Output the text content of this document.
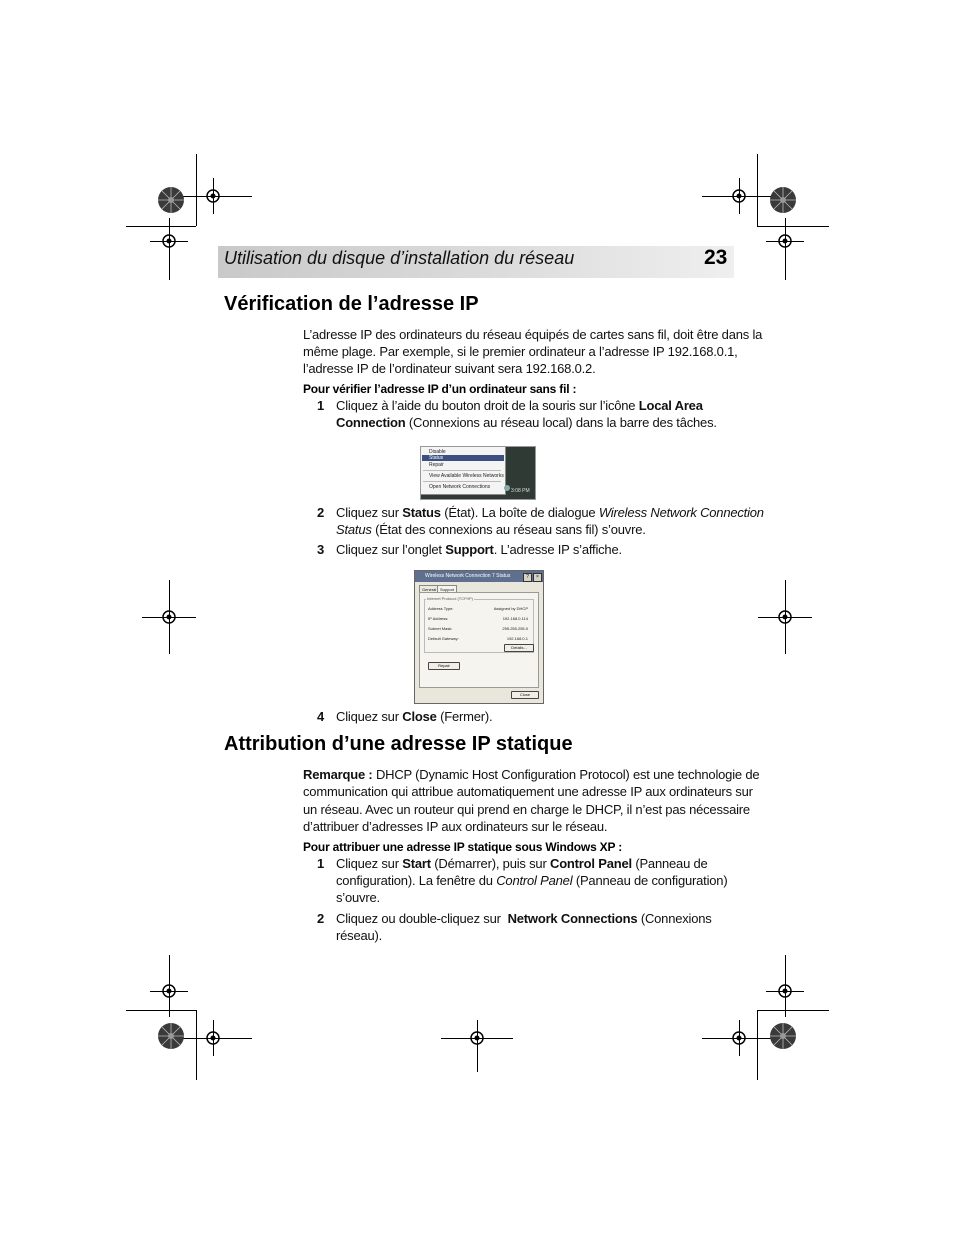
Utilisation du disque d’installation du réseau	23
Vérification de l’adresse IP

L’adresse IP des ordinateurs du réseau équipés de cartes sans fil, doit être dans la

même plage. Par exemple, si le premier ordinateur a l’adresse IP 192.168.0.1,

l’adresse IP de l’ordinateur suivant sera 192.168.0.2.

Pour vérifier l’adresse IP d’un ordinateur sans fil :
1 Cliquez à l’aide du bouton droit de la souris sur l’icône Local Area
Connection (Connexions au réseau local) dans la barre des tâches.
Disable
Status
Repair
View Available Wireless Networks
Open Network Connections
3:08 PM
2 Cliquez sur Status (État). La boîte de dialogue Wireless Network Connection
Status (État des connexions au réseau sans fil) s’ouvre.
3 Cliquez sur l’onglet Support. L’adresse IP s’affiche.
Wireless Network Connection 7 Status	?	×
General Support
Internet Protocol (TCP/IP)
Address Type:	Assigned by DHCP
IP Address:	192.168.0.114
Subnet Mask:	255.255.255.0
Default Gateway:	192.168.0.1
Details...
Repair
Close
4 Cliquez sur Close (Fermer).
Attribution d’une adresse IP statique

Remarque : DHCP (Dynamic Host Configuration Protocol) est une technologie de

communication qui attribue automatiquement une adresse IP aux ordinateurs sur

un réseau. Avec un routeur qui prend en charge le DHCP, il n’est pas nécessaire

d’attribuer d’adresses IP aux ordinateurs sur le réseau.

Pour attribuer une adresse IP statique sous Windows XP :
1 Cliquez sur Start (Démarrer), puis sur Control Panel (Panneau de
configuration). La fenêtre du Control Panel (Panneau de configuration)
s’ouvre.
2 Cliquez ou double-cliquez sur  Network Connections (Connexions
réseau).
